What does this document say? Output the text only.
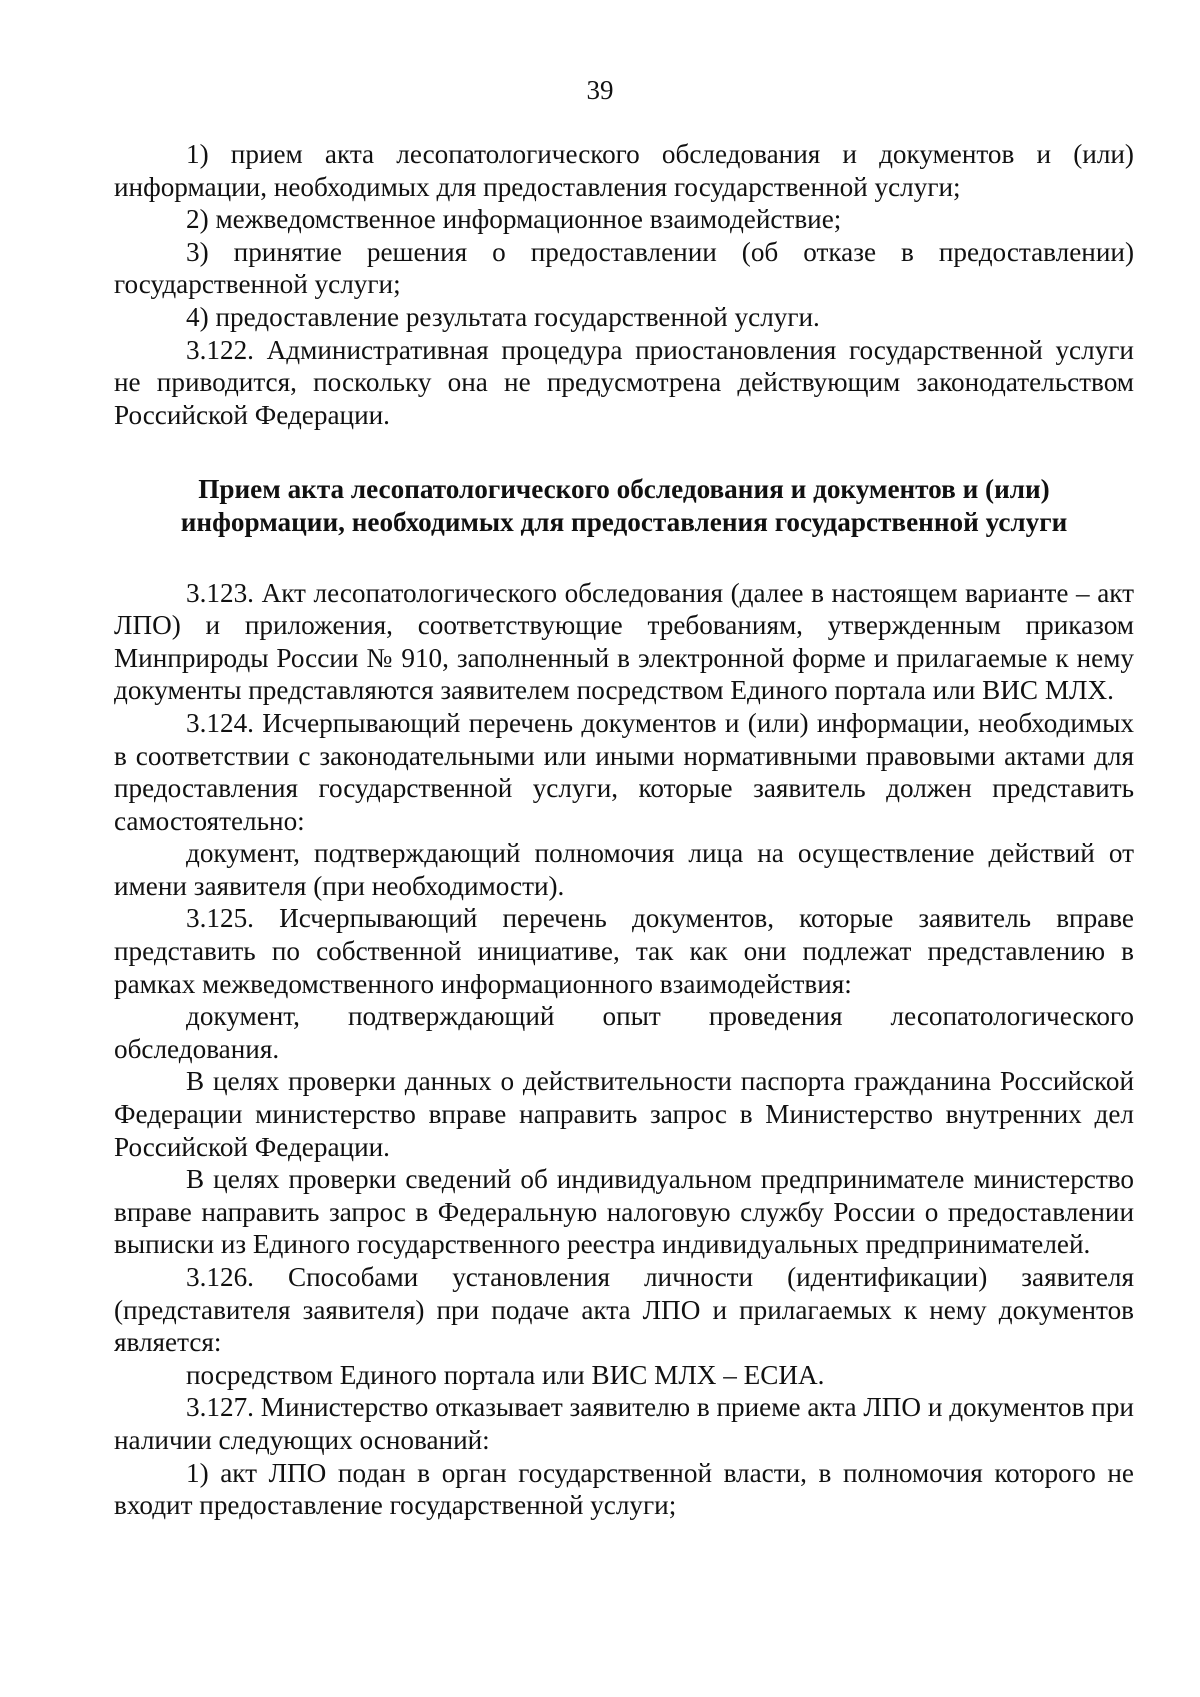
39

1) прием акта лесопатологического обследования и документов и (или) информации, необходимых для предоставления государственной услуги;

2) межведомственное информационное взаимодействие;

3) принятие решения о предоставлении (об отказе в предоставлении) государственной услуги;

4) предоставление результата государственной услуги.

3.122. Административная процедура приостановления государственной услуги не приводится, поскольку она не предусмотрена действующим законодательством Российской Федерации.

Прием акта лесопатологического обследования и документов и (или) информации, необходимых для предоставления государственной услуги

3.123. Акт лесопатологического обследования (далее в настоящем варианте – акт ЛПО) и приложения, соответствующие требованиям, утвержденным приказом Минприроды России № 910, заполненный в электронной форме и прилагаемые к нему документы представляются заявителем посредством Единого портала или ВИС МЛХ.

3.124. Исчерпывающий перечень документов и (или) информации, необходимых в соответствии с законодательными или иными нормативными правовыми актами для предоставления государственной услуги, которые заявитель должен представить самостоятельно:

документ, подтверждающий полномочия лица на осуществление действий от имени заявителя (при необходимости).

3.125. Исчерпывающий перечень документов, которые заявитель вправе представить по собственной инициативе, так как они подлежат представлению в рамках межведомственного информационного взаимодействия:

документ, подтверждающий опыт проведения лесопатологического обследования.

В целях проверки данных о действительности паспорта гражданина Российской Федерации министерство вправе направить запрос в Министерство внутренних дел Российской Федерации.

В целях проверки сведений об индивидуальном предпринимателе министерство вправе направить запрос в Федеральную налоговую службу России о предоставлении выписки из Единого государственного реестра индивидуальных предпринимателей.

3.126. Способами установления личности (идентификации) заявителя (представителя заявителя) при подаче акта ЛПО и прилагаемых к нему документов является:

посредством Единого портала или ВИС МЛХ – ЕСИА.

3.127. Министерство отказывает заявителю в приеме акта ЛПО и документов при наличии следующих оснований:

1) акт ЛПО подан в орган государственной власти, в полномочия которого не входит предоставление государственной услуги;
